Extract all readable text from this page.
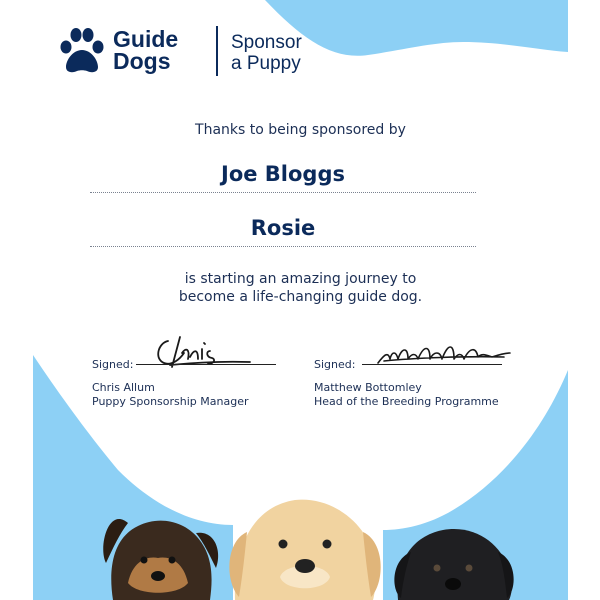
Guide
Dogs
Sponsor
a Puppy
Thanks to being sponsored by
Joe Bloggs
Rosie
is starting an amazing journey to
become a life-changing guide dog.
Signed:
Chris Allum
Puppy Sponsorship Manager
Signed:
Matthew Bottomley
Head of the Breeding Programme
